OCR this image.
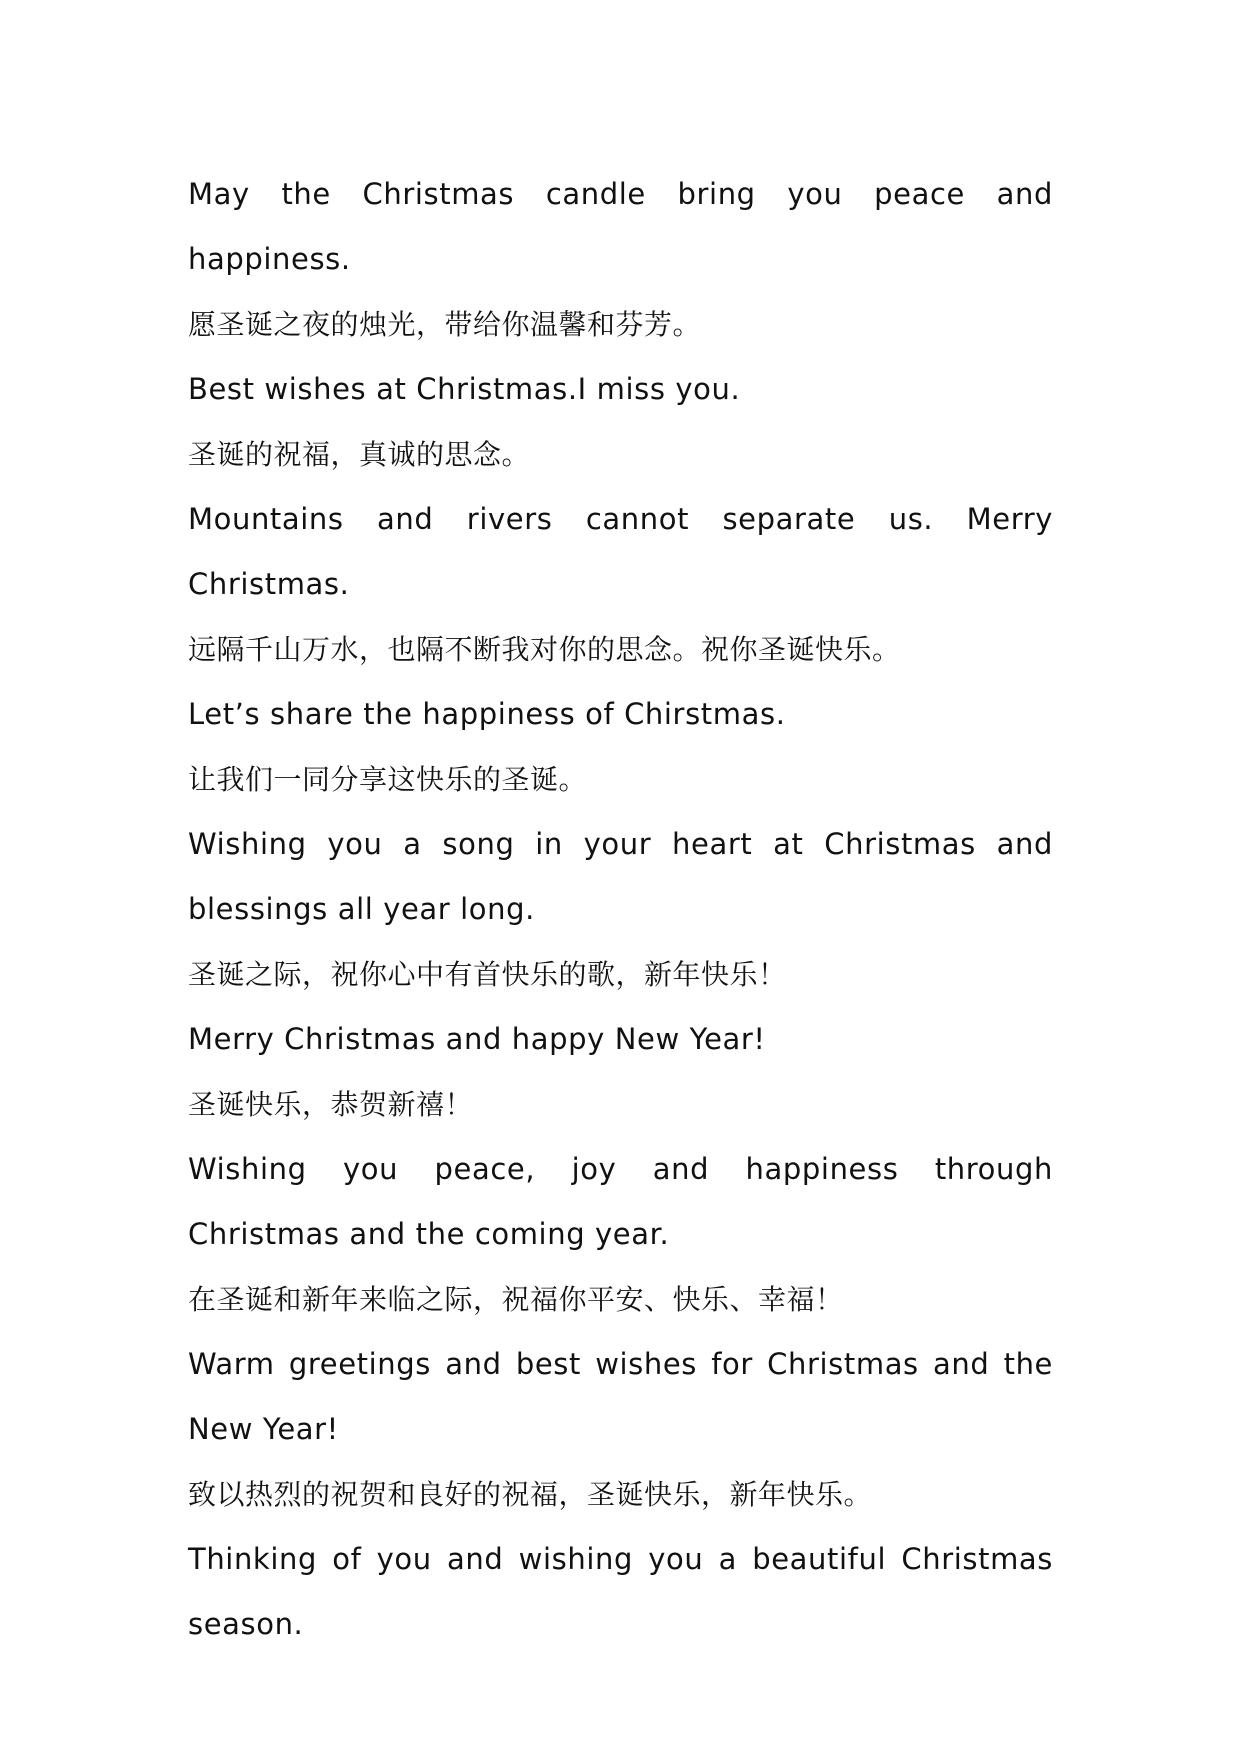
May the Christmas candle bring you peace and happiness.

愿圣诞之夜的烛光，带给你温馨和芬芳。

Best wishes at Christmas.I miss you.

圣诞的祝福，真诚的思念。

Mountains and rivers cannot separate us. Merry Christmas.

远隔千山万水，也隔不断我对你的思念。祝你圣诞快乐。

Let’s share the happiness of Chirstmas.

让我们一同分享这快乐的圣诞。

Wishing you a song in your heart at Christmas and blessings all year long.

圣诞之际，祝你心中有首快乐的歌，新年快乐！

Merry Christmas and happy New Year!

圣诞快乐，恭贺新禧！

Wishing you peace, joy and happiness through Christmas and the coming year.

在圣诞和新年来临之际，祝福你平安、快乐、幸福！

Warm greetings and best wishes for Christmas and the New Year!

致以热烈的祝贺和良好的祝福，圣诞快乐，新年快乐。

Thinking of you and wishing you a beautiful Christmas season.
